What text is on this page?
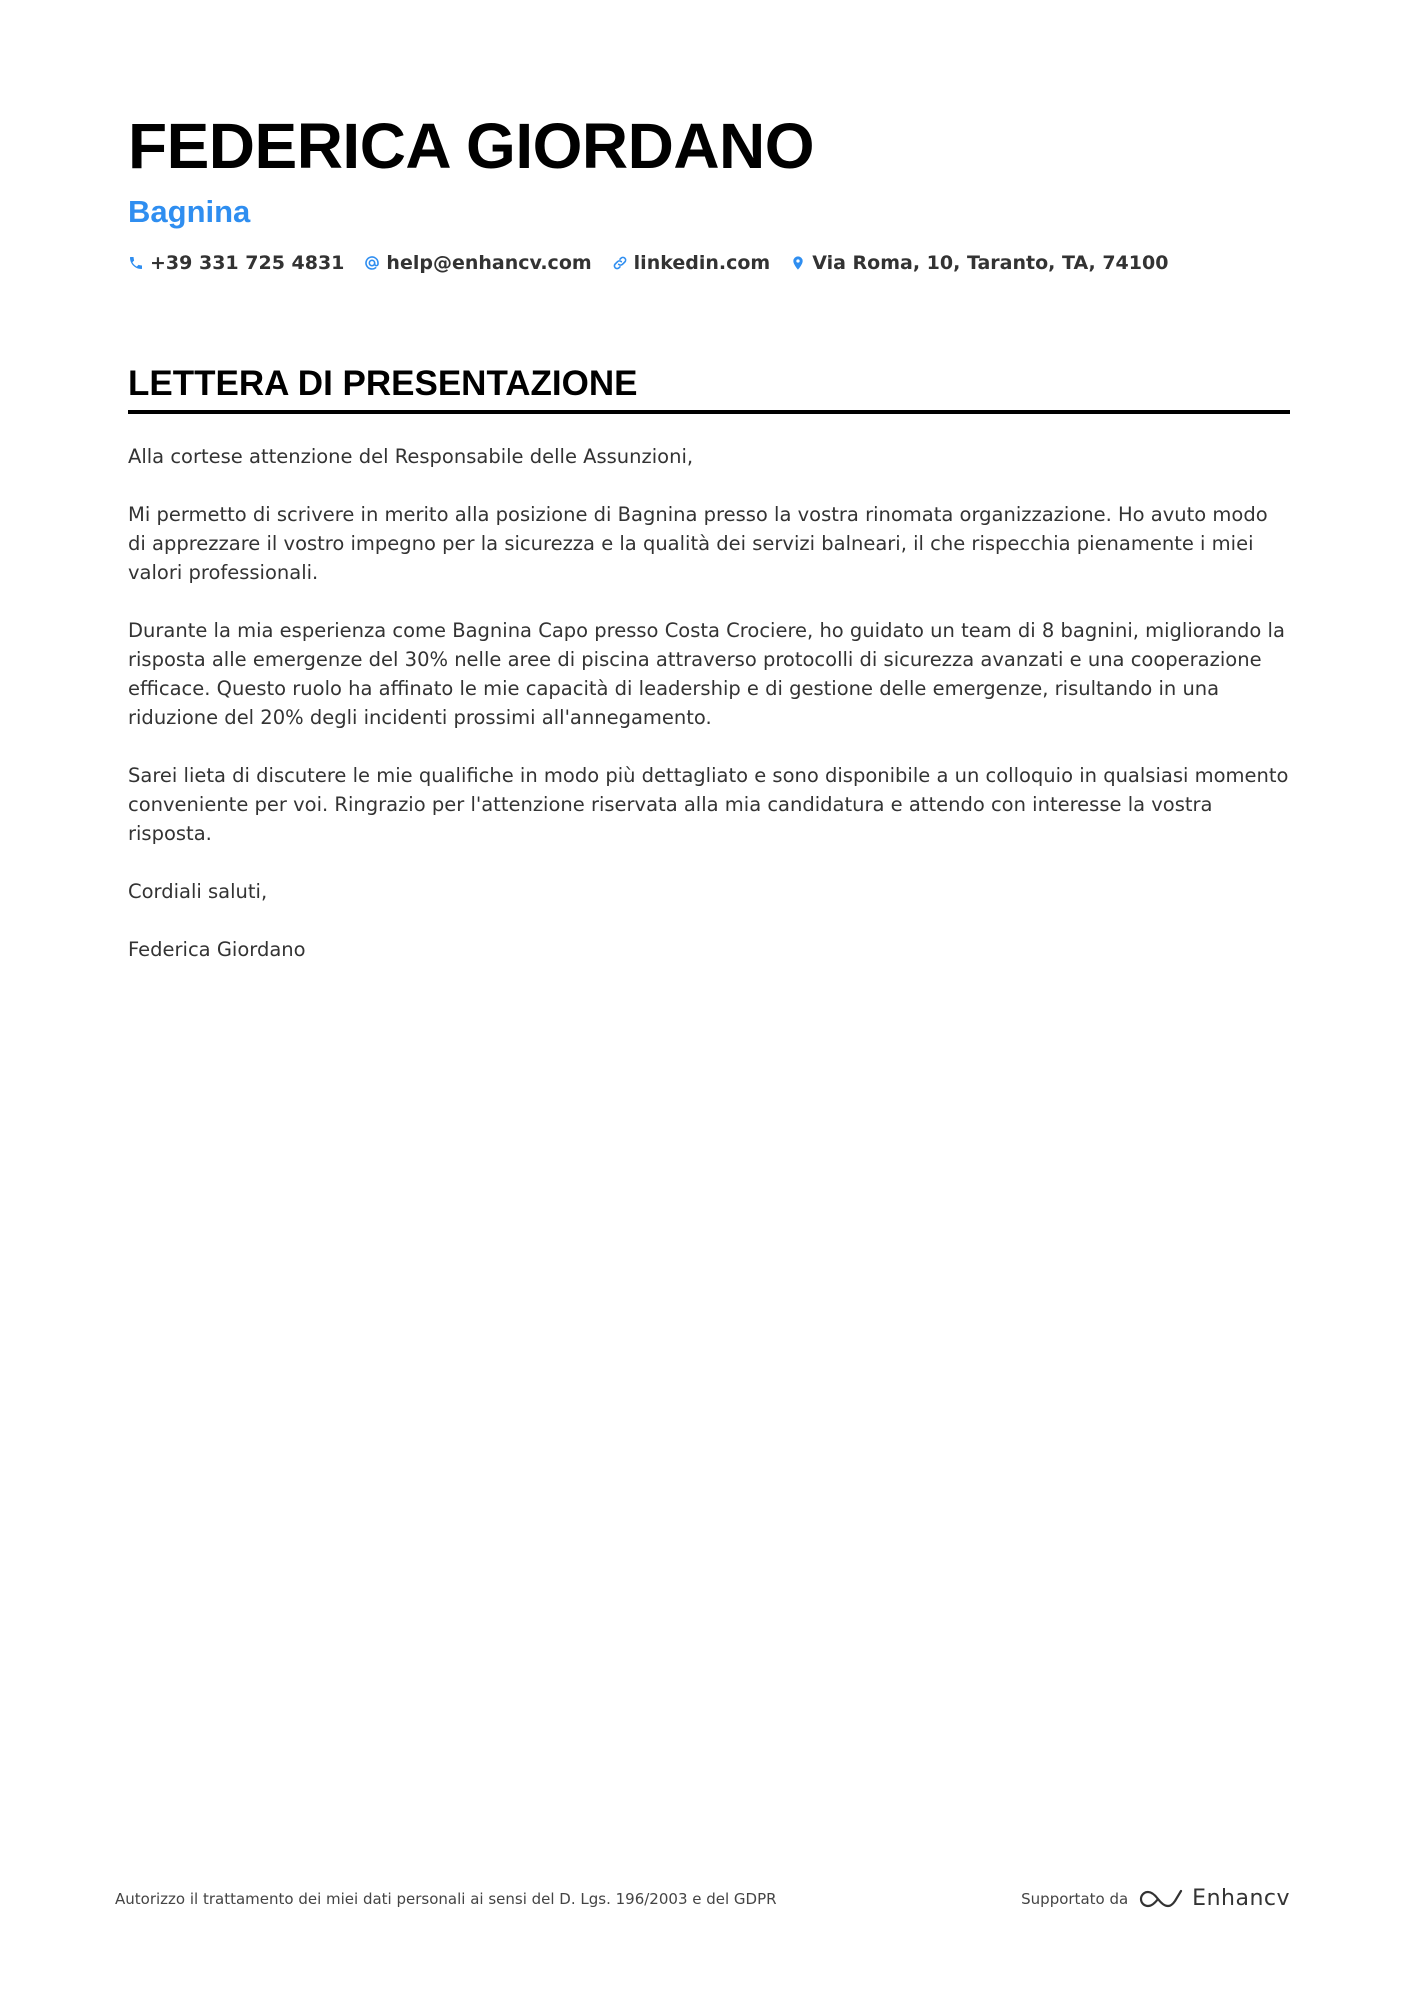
FEDERICA GIORDANO
Bagnina
+39 331 725 4831 help@enhancv.com linkedin.com Via Roma, 10, Taranto, TA, 74100
LETTERA DI PRESENTAZIONE

Alla cortese attenzione del Responsabile delle Assunzioni,

Mi permetto di scrivere in merito alla posizione di Bagnina presso la vostra rinomata organizzazione. Ho avuto modo di apprezzare il vostro impegno per la sicurezza e la qualità dei servizi balneari, il che rispecchia pienamente i miei valori professionali.

Durante la mia esperienza come Bagnina Capo presso Costa Crociere, ho guidato un team di 8 bagnini, migliorando la risposta alle emergenze del 30% nelle aree di piscina attraverso protocolli di sicurezza avanzati e una cooperazione efficace. Questo ruolo ha affinato le mie capacità di leadership e di gestione delle emergenze, risultando in una riduzione del 20% degli incidenti prossimi all'annegamento.

Sarei lieta di discutere le mie qualifiche in modo più dettagliato e sono disponibile a un colloquio in qualsiasi momento conveniente per voi. Ringrazio per l'attenzione riservata alla mia candidatura e attendo con interesse la vostra risposta.

Cordiali saluti,

Federica Giordano

Autorizzo il trattamento dei miei dati personali ai sensi del D. Lgs. 196/2003 e del GDPR	Supportato da	Enhancv
